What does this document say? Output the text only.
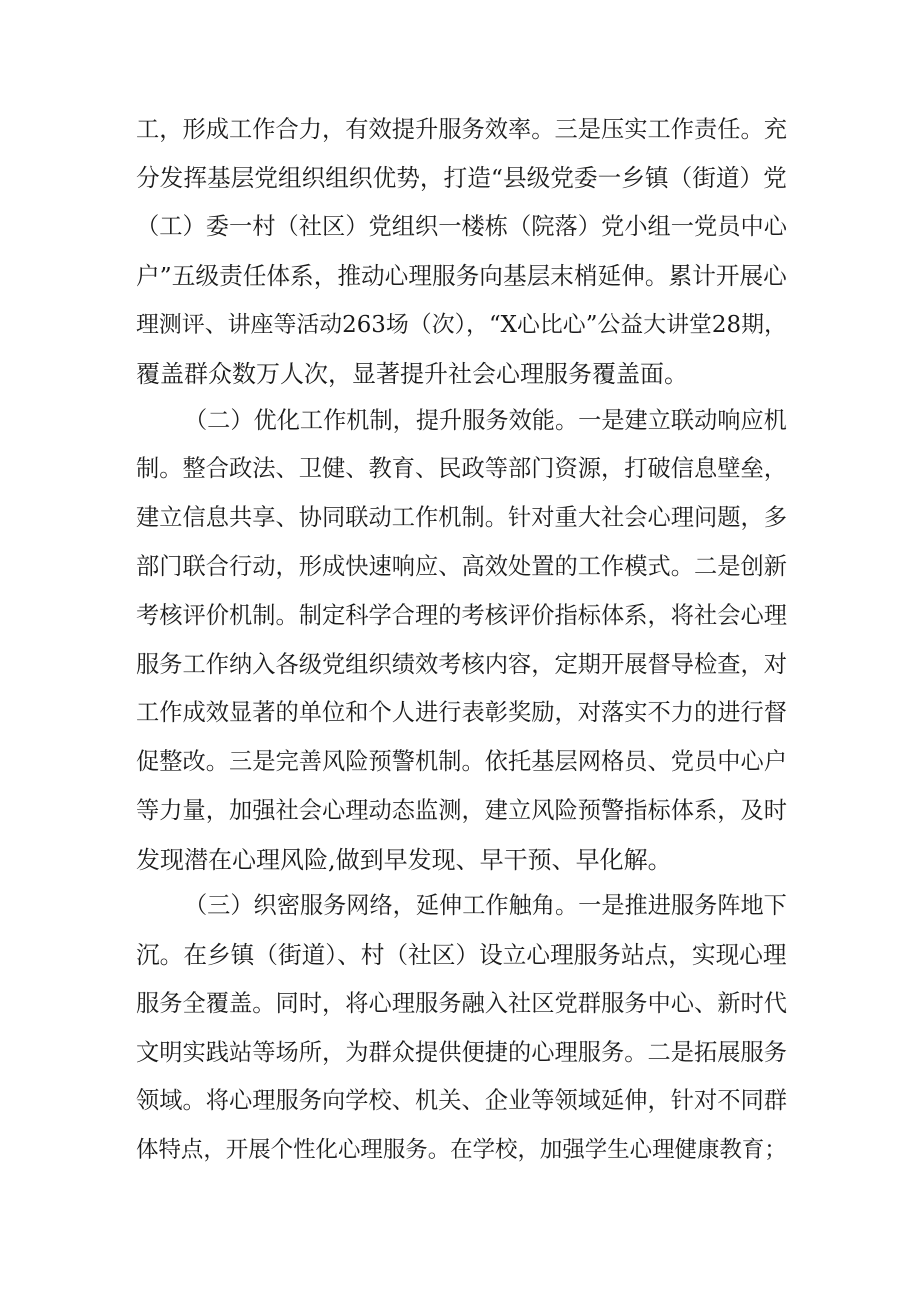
工，形成工作合力，有效提升服务效率。三是压实工作责任。充
分发挥基层党组织组织优势，打造“县级党委一乡镇（街道）党
（工）委一村（社区）党组织一楼栋（院落）党小组一党员中心
户”五级责任体系，推动心理服务向基层末梢延伸。累计开展心
理测评、讲座等活动263场（次），“X心比心”公益大讲堂28期，
覆盖群众数万人次，显著提升社会心理服务覆盖面。
（二）优化工作机制，提升服务效能。一是建立联动响应机
制。整合政法、卫健、教育、民政等部门资源，打破信息壁垒，
建立信息共享、协同联动工作机制。针对重大社会心理问题，多
部门联合行动，形成快速响应、高效处置的工作模式。二是创新
考核评价机制。制定科学合理的考核评价指标体系，将社会心理
服务工作纳入各级党组织绩效考核内容，定期开展督导检查，对
工作成效显著的单位和个人进行表彰奖励，对落实不力的进行督
促整改。三是完善风险预警机制。依托基层网格员、党员中心户
等力量，加强社会心理动态监测，建立风险预警指标体系，及时
发现潜在心理风险,做到早发现、早干预、早化解。
（三）织密服务网络，延伸工作触角。一是推进服务阵地下
沉。在乡镇（街道）、村（社区）设立心理服务站点，实现心理
服务全覆盖。同时，将心理服务融入社区党群服务中心、新时代
文明实践站等场所，为群众提供便捷的心理服务。二是拓展服务
领域。将心理服务向学校、机关、企业等领域延伸，针对不同群
体特点，开展个性化心理服务。在学校，加强学生心理健康教育；
